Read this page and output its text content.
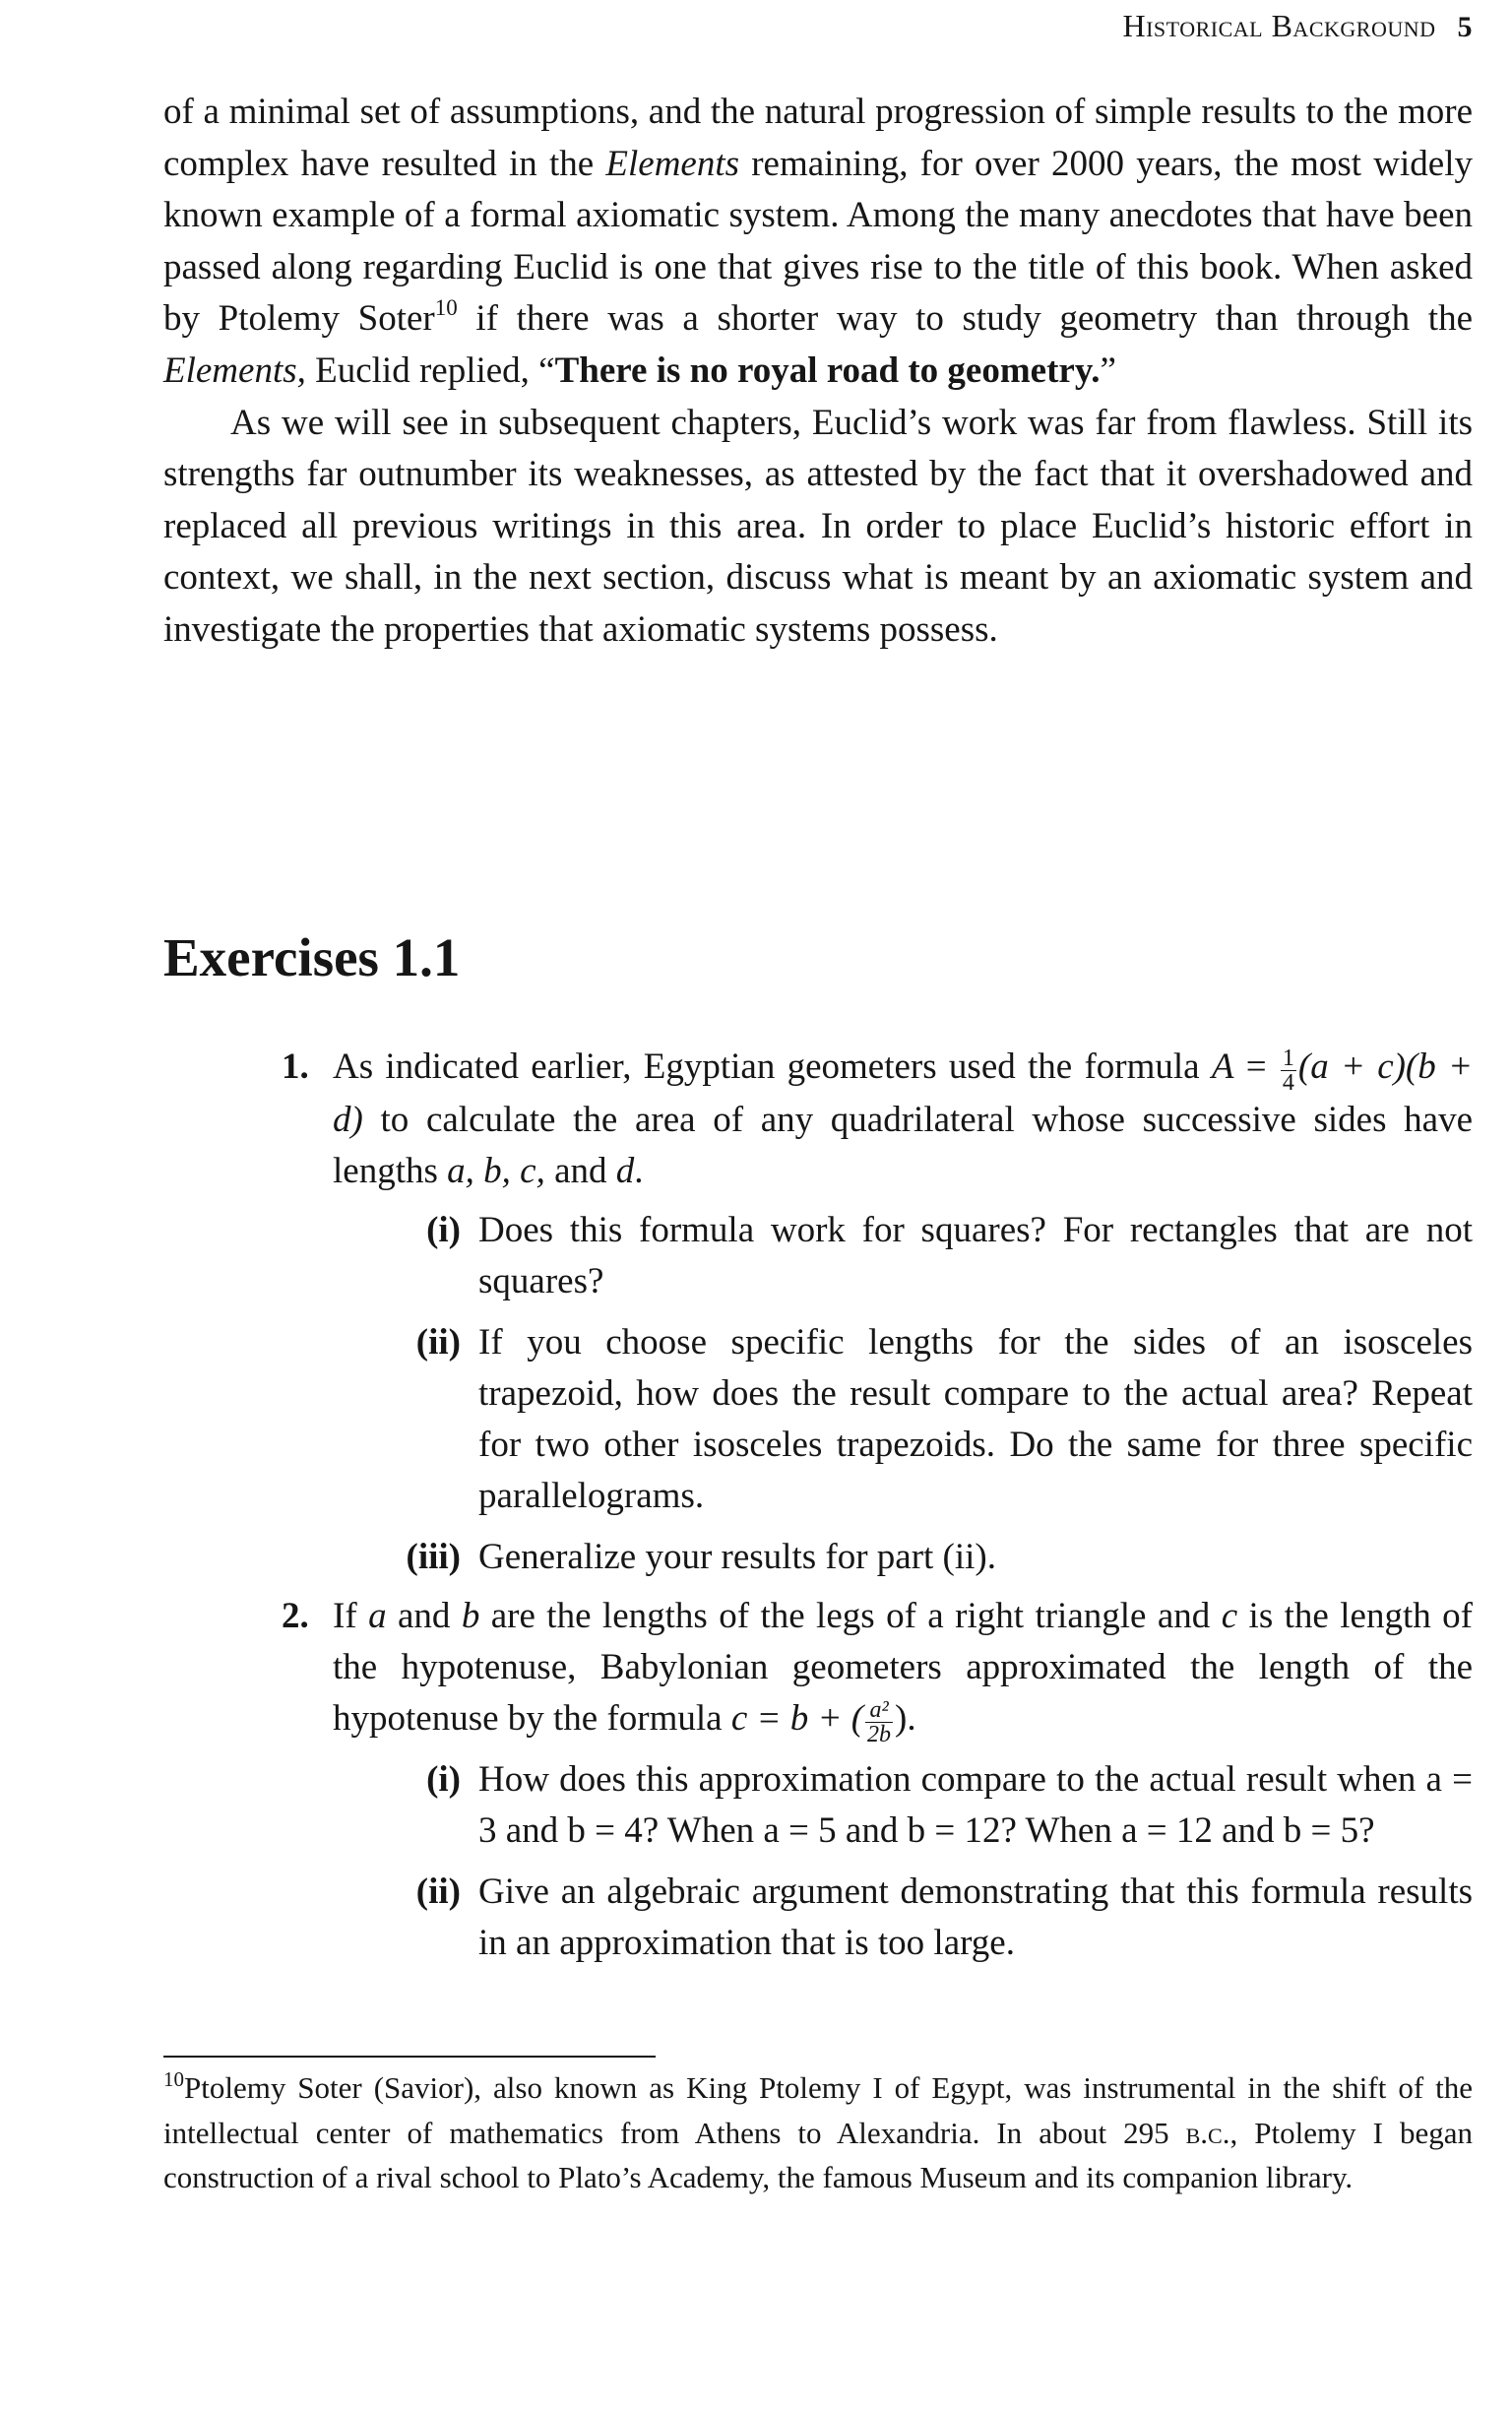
Historical Background 5

of a minimal set of assumptions, and the natural progression of simple results to the more complex have resulted in the Elements remaining, for over 2000 years, the most widely known example of a formal axiomatic system. Among the many anecdotes that have been passed along regarding Euclid is one that gives rise to the title of this book. When asked by Ptolemy Soter$^{10}$ if there was a shorter way to study geometry than through the Elements, Euclid replied, “There is no royal road to geometry.”

As we will see in subsequent chapters, Euclid’s work was far from flawless. Still its strengths far outnumber its weaknesses, as attested by the fact that it overshadowed and replaced all previous writings in this area. In order to place Euclid’s historic effort in context, we shall, in the next section, discuss what is meant by an axiomatic system and investigate the properties that axiomatic systems possess.

Exercises 1.1
1. As indicated earlier, Egyptian geometers used the formula $A = \frac{1}{4} (a + c)(b + d)$ to calculate the area of any quadrilateral whose successive sides have lengths a, b, c, and d.
(i) Does this formula work for squares? For rectangles that are not squares?
(ii) If you choose specific lengths for the sides of an isosceles trapezoid, how does the result compare to the actual area? Repeat for two other isosceles trapezoids. Do the same for three specific parallelograms.
(iii) Generalize your results for part (ii).
2. If a and b are the lengths of the legs of a right triangle and c is the length of the hypotenuse, Babylonian geometers approximated the length of the hypotenuse by the formula c = b + ( $\frac{\text{a²}}{2b}$ ).
(i) How does this approximation compare to the actual result when a = 3 and b = 4? When a = 5 and b = 12? When a = 12 and b = 5?
(ii) Give an algebraic argument demonstrating that this formula results in an approximation that is too large.
$^{10}$Ptolemy Soter (Savior), also known as King Ptolemy I of Egypt, was instrumental in the shift of the intellectual center of mathematics from Athens to Alexandria. In about 295 b.c., Ptolemy I began construction of a rival school to Plato’s Academy, the famous Museum and its companion library.
